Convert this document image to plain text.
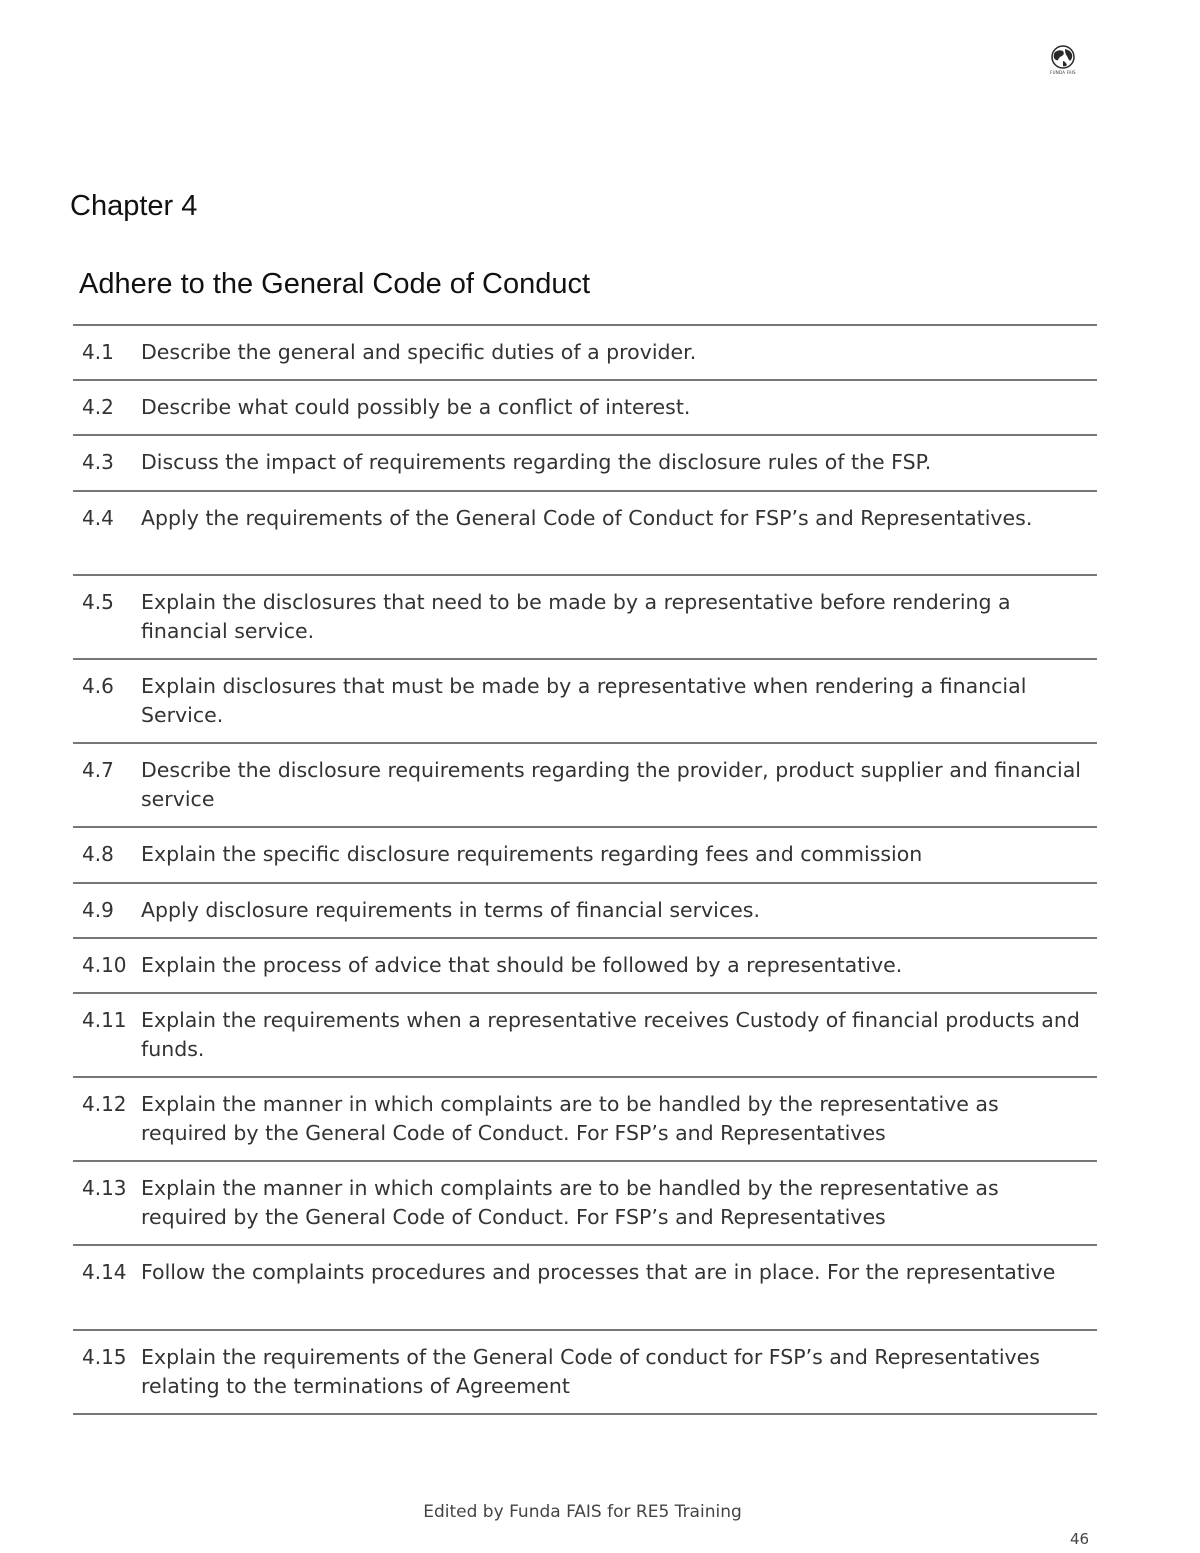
FUNDA FAIS
Chapter 4
Adhere to the General Code of Conduct
4.1	Describe the general and specific duties of a provider.
4.2	Describe what could possibly be a conflict of interest.
4.3	Discuss the impact of requirements regarding the disclosure rules of the FSP.
4.4	Apply the requirements of the General Code of Conduct for FSP’s and Representatives.
4.5	Explain the disclosures that need to be made by a representative before rendering a financial service.
4.6	Explain disclosures that must be made by a representative when rendering a financial Service.
4.7	Describe the disclosure requirements regarding the provider, product supplier and financial service
4.8	Explain the specific disclosure requirements regarding fees and commission
4.9	Apply disclosure requirements in terms of financial services.
4.10 Explain the process of advice that should be followed by a representative.
4.11 Explain the requirements when a representative receives Custody of financial products and funds.
4.12 Explain the manner in which complaints are to be handled by the representative as required by the General Code of Conduct. For FSP’s and Representatives
4.13 Explain the manner in which complaints are to be handled by the representative as required by the General Code of Conduct. For FSP’s and Representatives
4.14 Follow the complaints procedures and processes that are in place. For the representative
4.15 Explain the requirements of the General Code of conduct for FSP’s and Representatives relating to the terminations of Agreement
Edited by Funda FAIS for RE5 Training
46
